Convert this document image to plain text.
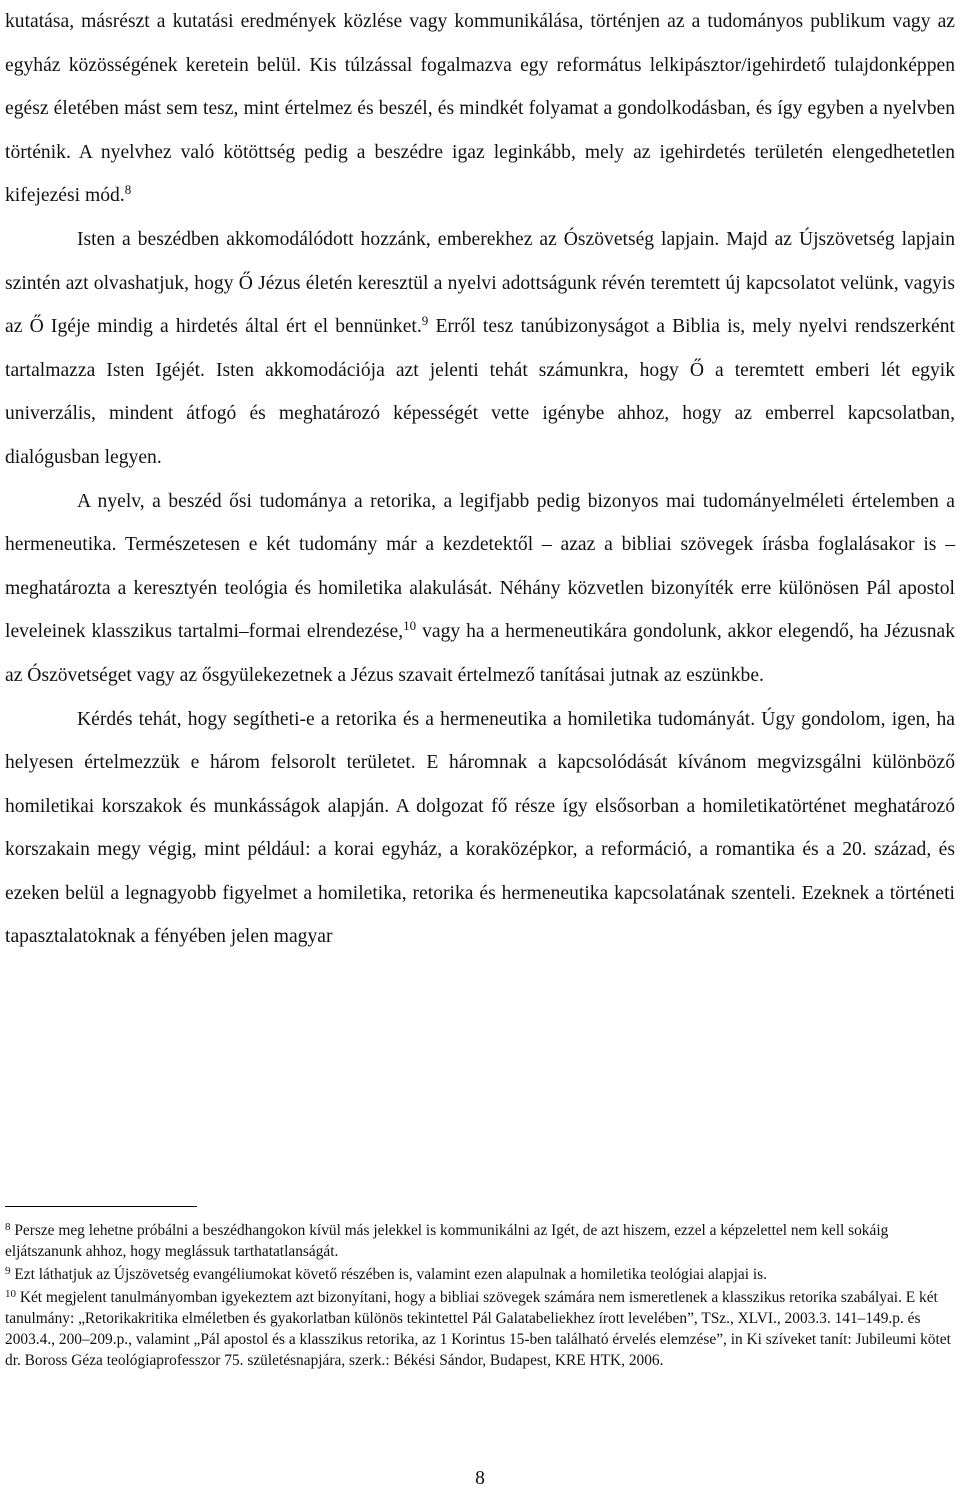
kutatása, másrészt a kutatási eredmények közlése vagy kommunikálása, történjen az a tudományos publikum vagy az egyház közösségének keretein belül. Kis túlzással fogalmazva egy református lelkipásztor/igehirdető tulajdonképpen egész életében mást sem tesz, mint értelmez és beszél, és mindkét folyamat a gondolkodásban, és így egyben a nyelvben történik. A nyelvhez való kötöttség pedig a beszédre igaz leginkább, mely az igehirdetés területén elengedhetetlen kifejezési mód.$^8$

Isten a beszédben akkomodálódott hozzánk, emberekhez az Ószövetség lapjain. Majd az Újszövetség lapjain szintén azt olvashatjuk, hogy Ő Jézus életén keresztül a nyelvi adottságunk révén teremtett új kapcsolatot velünk, vagyis az Ő Igéje mindig a hirdetés által ért el bennünket.$^9$ Erről tesz tanúbizonyságot a Biblia is, mely nyelvi rendszerként tartalmazza Isten Igéjét. Isten akkomodációja azt jelenti tehát számunkra, hogy Ő a teremtett emberi lét egyik univerzális, mindent átfogó és meghatározó képességét vette igénybe ahhoz, hogy az emberrel kapcsolatban, dialógusban legyen.

A nyelv, a beszéd ősi tudománya a retorika, a legifjabb pedig bizonyos mai tudományelméleti értelemben a hermeneutika. Természetesen e két tudomány már a kezdetektől – azaz a bibliai szövegek írásba foglalásakor is – meghatározta a keresztyén teológia és homiletika alakulását. Néhány közvetlen bizonyíték erre különösen Pál apostol leveleinek klasszikus tartalmi–formai elrendezése,$^{10}$ vagy ha a hermeneutikára gondolunk, akkor elegendő, ha Jézusnak az Ószövetséget vagy az ősgyülekezetnek a Jézus szavait értelmező tanításai jutnak az eszünkbe.

Kérdés tehát, hogy segítheti-e a retorika és a hermeneutika a homiletika tudományát. Úgy gondolom, igen, ha helyesen értelmezzük e három felsorolt területet. E háromnak a kapcsolódását kívánom megvizsgálni különböző homiletikai korszakok és munkásságok alapján. A dolgozat fő része így elsősorban a homiletikatörténet meghatározó korszakain megy végig, mint például: a korai egyház, a koraközépkor, a reformáció, a romantika és a 20. század, és ezeken belül a legnagyobb figyelmet a homiletika, retorika és hermeneutika kapcsolatának szenteli. Ezeknek a történeti tapasztalatoknak a fényében jelen magyar

$^8$ Persze meg lehetne próbálni a beszédhangokon kívül más jelekkel is kommunikálni az Igét, de azt hiszem, ezzel a képzelettel nem kell sokáig eljátszanunk ahhoz, hogy meglássuk tarthatatlanságát.

$^9$ Ezt láthatjuk az Újszövetség evangéliumokat követő részében is, valamint ezen alapulnak a homiletika teológiai alapjai is.

$^{10}$ Két megjelent tanulmányomban igyekeztem azt bizonyítani, hogy a bibliai szövegek számára nem ismeretlenek a klasszikus retorika szabályai. E két tanulmány: „Retorikakritika elméletben és gyakorlatban különös tekintettel Pál Galatabeliekhez írott levelében”, TSz., XLVI., 2003.3. 141–149.p. és 2003.4., 200–209.p., valamint „Pál apostol és a klasszikus retorika, az 1 Korintus 15-ben található érvelés elemzése”, in Ki szíveket tanít: Jubileumi kötet dr. Boross Géza teológiaprofesszor 75. születésnapjára, szerk.: Békési Sándor, Budapest, KRE HTK, 2006.

8
